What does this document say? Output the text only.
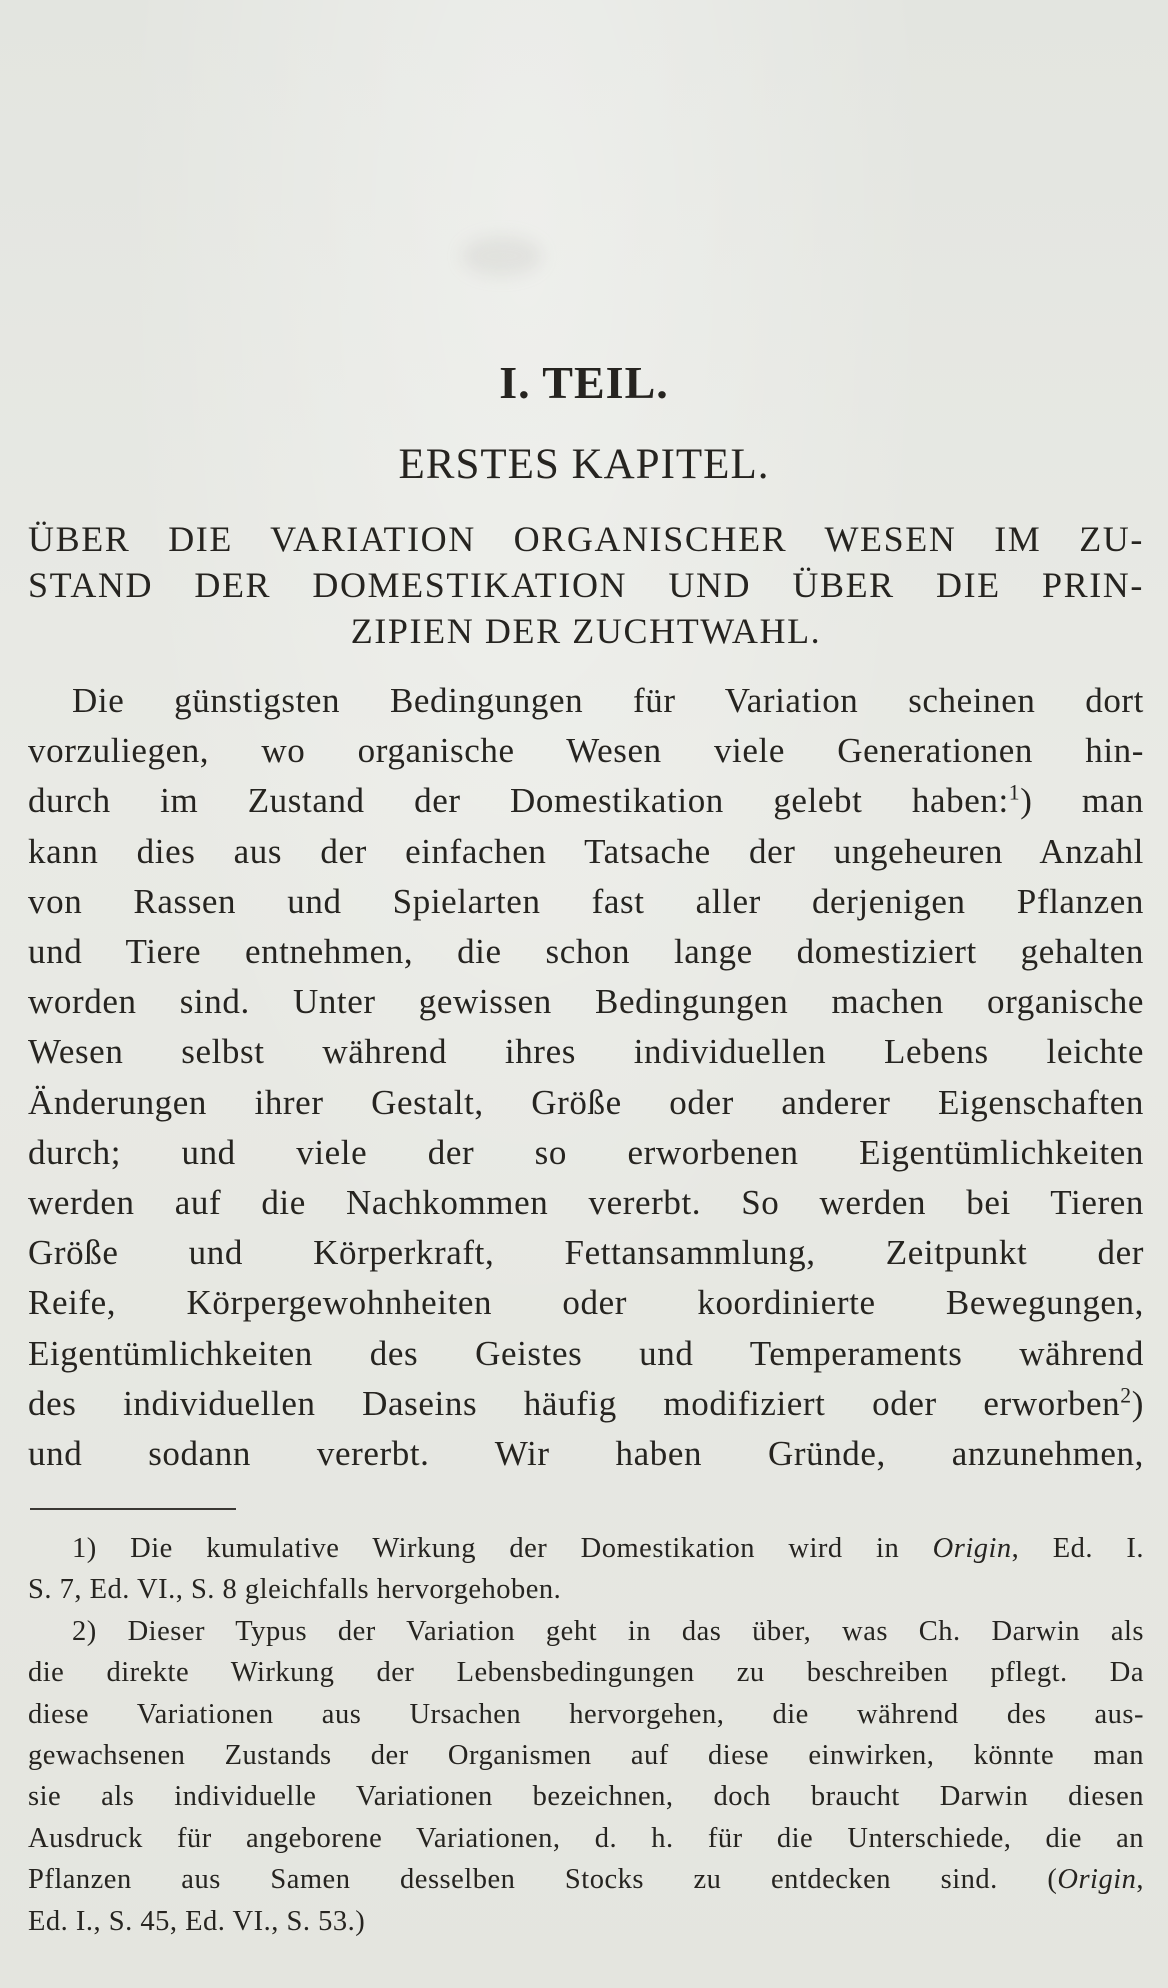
I. TEIL.
ERSTES KAPITEL.
ÜBER DIE VARIATION ORGANISCHER WESEN IM ZU-
STAND DER DOMESTIKATION UND ÜBER DIE PRIN-
ZIPIEN DER ZUCHTWAHL.
Die günstigsten Bedingungen für Variation scheinen dort
vorzuliegen, wo organische Wesen viele Generationen hin-
durch im Zustand der Domestikation gelebt haben:$^1$) man
kann dies aus der einfachen Tatsache der ungeheuren Anzahl
von Rassen und Spielarten fast aller derjenigen Pflanzen
und Tiere entnehmen, die schon lange domestiziert gehalten
worden sind. Unter gewissen Bedingungen machen organische
Wesen selbst während ihres individuellen Lebens leichte
Änderungen ihrer Gestalt, Größe oder anderer Eigenschaften
durch; und viele der so erworbenen Eigentümlichkeiten
werden auf die Nachkommen vererbt. So werden bei Tieren
Größe und Körperkraft, Fettansammlung, Zeitpunkt der
Reife, Körpergewohnheiten oder koordinierte Bewegungen,
Eigentümlichkeiten des Geistes und Temperaments während
des individuellen Daseins häufig modifiziert oder erworben$^2$)
und sodann vererbt. Wir haben Gründe, anzunehmen,
1) Die kumulative Wirkung der Domestikation wird in Origin, Ed. I.
S. 7, Ed. VI., S. 8 gleichfalls hervorgehoben.
2) Dieser Typus der Variation geht in das über, was Ch. Darwin als
die direkte Wirkung der Lebensbedingungen zu beschreiben pflegt. Da
diese Variationen aus Ursachen hervorgehen, die während des aus-
gewachsenen Zustands der Organismen auf diese einwirken, könnte man
sie als individuelle Variationen bezeichnen, doch braucht Darwin diesen
Ausdruck für angeborene Variationen, d. h. für die Unterschiede, die an
Pflanzen aus Samen desselben Stocks zu entdecken sind. (Origin,
Ed. I., S. 45, Ed. VI., S. 53.)
